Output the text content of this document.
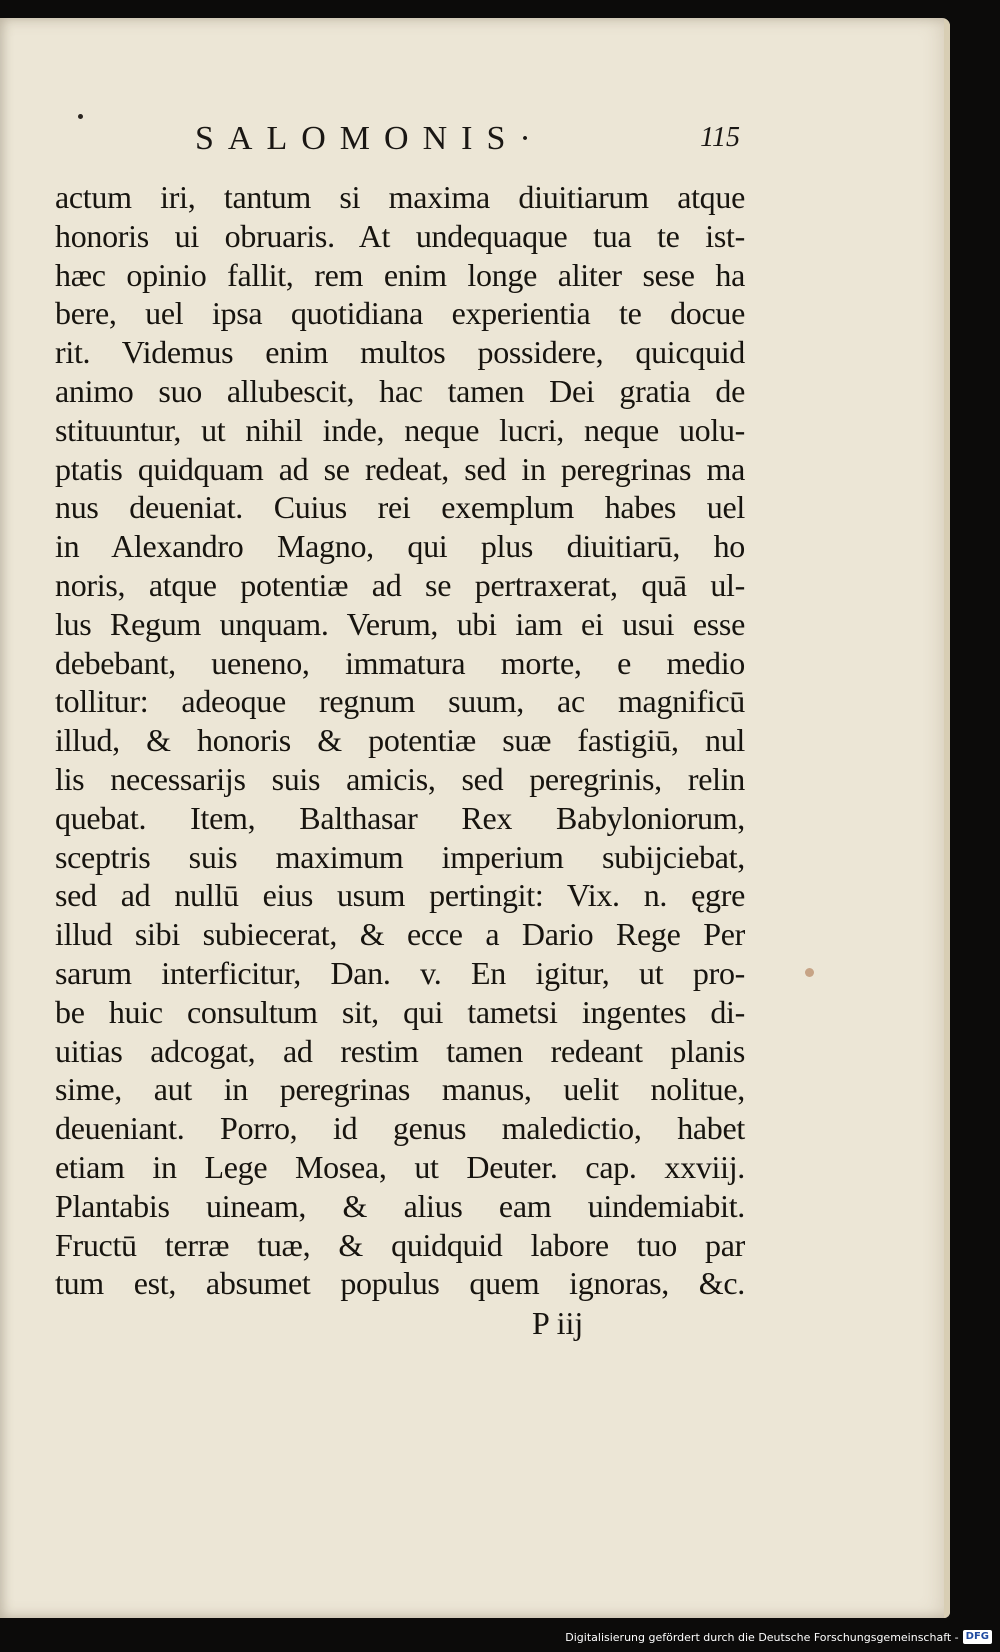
SALOMONIS·	115
actum iri, tantum si maxima diuitiarum atque
honoris ui obruaris. At undequaque tua te ist-
hæc opinio fallit, rem enim longe aliter sese ha
bere, uel ipsa quotidiana experientia te docue
rit. Videmus enim multos possidere, quicquid
animo suo allubescit, hac tamen Dei gratia de
stituuntur, ut nihil inde, neque lucri, neque uolu-
ptatis quidquam ad se redeat, sed in peregrinas ma
nus deueniat. Cuius rei exemplum habes uel
in Alexandro Magno, qui plus diuitiarū, ho
noris, atque potentiæ ad se pertraxerat, quā ul-
lus Regum unquam. Verum, ubi iam ei usui esse
debebant, ueneno, immatura morte, e medio
tollitur: adeoque regnum suum, ac magnificū
illud, & honoris & potentiæ suæ fastigiū, nul
lis necessarijs suis amicis, sed peregrinis, relin
quebat. Item, Balthasar Rex Babyloniorum,
sceptris suis maximum imperium subijciebat,
sed ad nullū eius usum pertingit: Vix. n. ęgre
illud sibi subiecerat, & ecce a Dario Rege Per
sarum interficitur, Dan. v. En igitur, ut pro-
be huic consultum sit, qui tametsi ingentes di-
uitias adcogat, ad restim tamen redeant planis
sime, aut in peregrinas manus, uelit nolitue,
deueniant. Porro, id genus maledictio, habet
etiam in Lege Mosea, ut Deuter. cap. xxviij.
Plantabis uineam, & alius eam uindemiabit.
Fructū terræ tuæ, & quidquid labore tuo par
tum est, absumet populus quem ignoras, &c.
P iij
Digitalisierung gefördert durch die Deutsche Forschungsgemeinschaft - DFG
